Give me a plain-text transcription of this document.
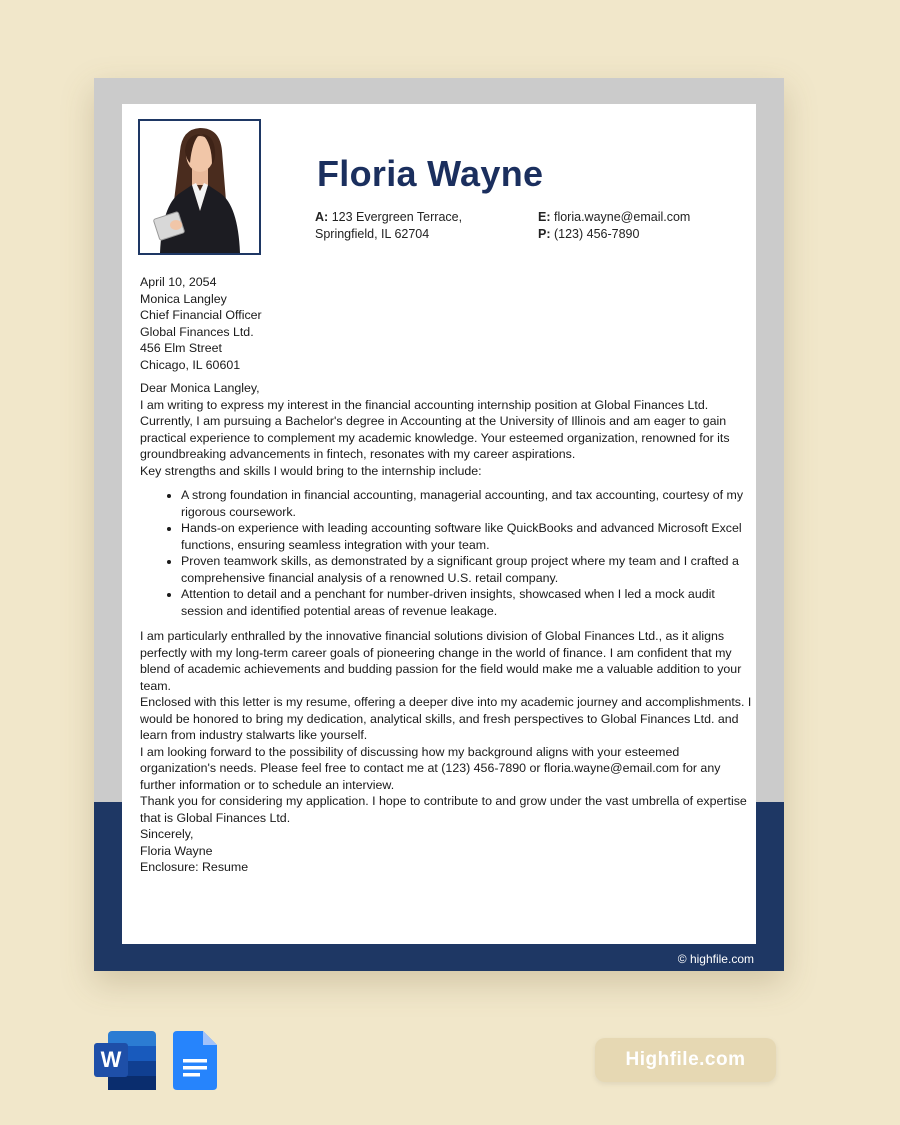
© highfile.com
Floria Wayne
A: 123 Evergreen Terrace,
Springfield, IL 62704
E: floria.wayne@email.com
P: (123) 456-7890

April 10, 2054

Monica Langley

Chief Financial Officer

Global Finances Ltd.

456 Elm Street

Chicago, IL 60601

Dear Monica Langley,

I am writing to express my interest in the financial accounting internship position at Global Finances Ltd. Currently, I am pursuing a Bachelor's degree in Accounting at the University of Illinois and am eager to gain practical experience to complement my academic knowledge. Your esteemed organization, renowned for its groundbreaking advancements in fintech, resonates with my career aspirations.

Key strengths and skills I would bring to the internship include:

• A strong foundation in financial accounting, managerial accounting, and tax accounting, courtesy of my rigorous coursework.
• Hands-on experience with leading accounting software like QuickBooks and advanced Microsoft Excel functions, ensuring seamless integration with your team.
• Proven teamwork skills, as demonstrated by a significant group project where my team and I crafted a comprehensive financial analysis of a renowned U.S. retail company.
• Attention to detail and a penchant for number-driven insights, showcased when I led a mock audit session and identified potential areas of revenue leakage.

I am particularly enthralled by the innovative financial solutions division of Global Finances Ltd., as it aligns perfectly with my long-term career goals of pioneering change in the world of finance. I am confident that my blend of academic achievements and budding passion for the field would make me a valuable addition to your team.

Enclosed with this letter is my resume, offering a deeper dive into my academic journey and accomplishments. I would be honored to bring my dedication, analytical skills, and fresh perspectives to Global Finances Ltd. and learn from industry stalwarts like yourself.

I am looking forward to the possibility of discussing how my background aligns with your esteemed organization's needs. Please feel free to contact me at (123) 456-7890 or floria.wayne@email.com for any further information or to schedule an interview.

Thank you for considering my application. I hope to contribute to and grow under the vast umbrella of expertise that is Global Finances Ltd.

Sincerely,

Floria Wayne

Enclosure: Resume

W	Highfile.com
